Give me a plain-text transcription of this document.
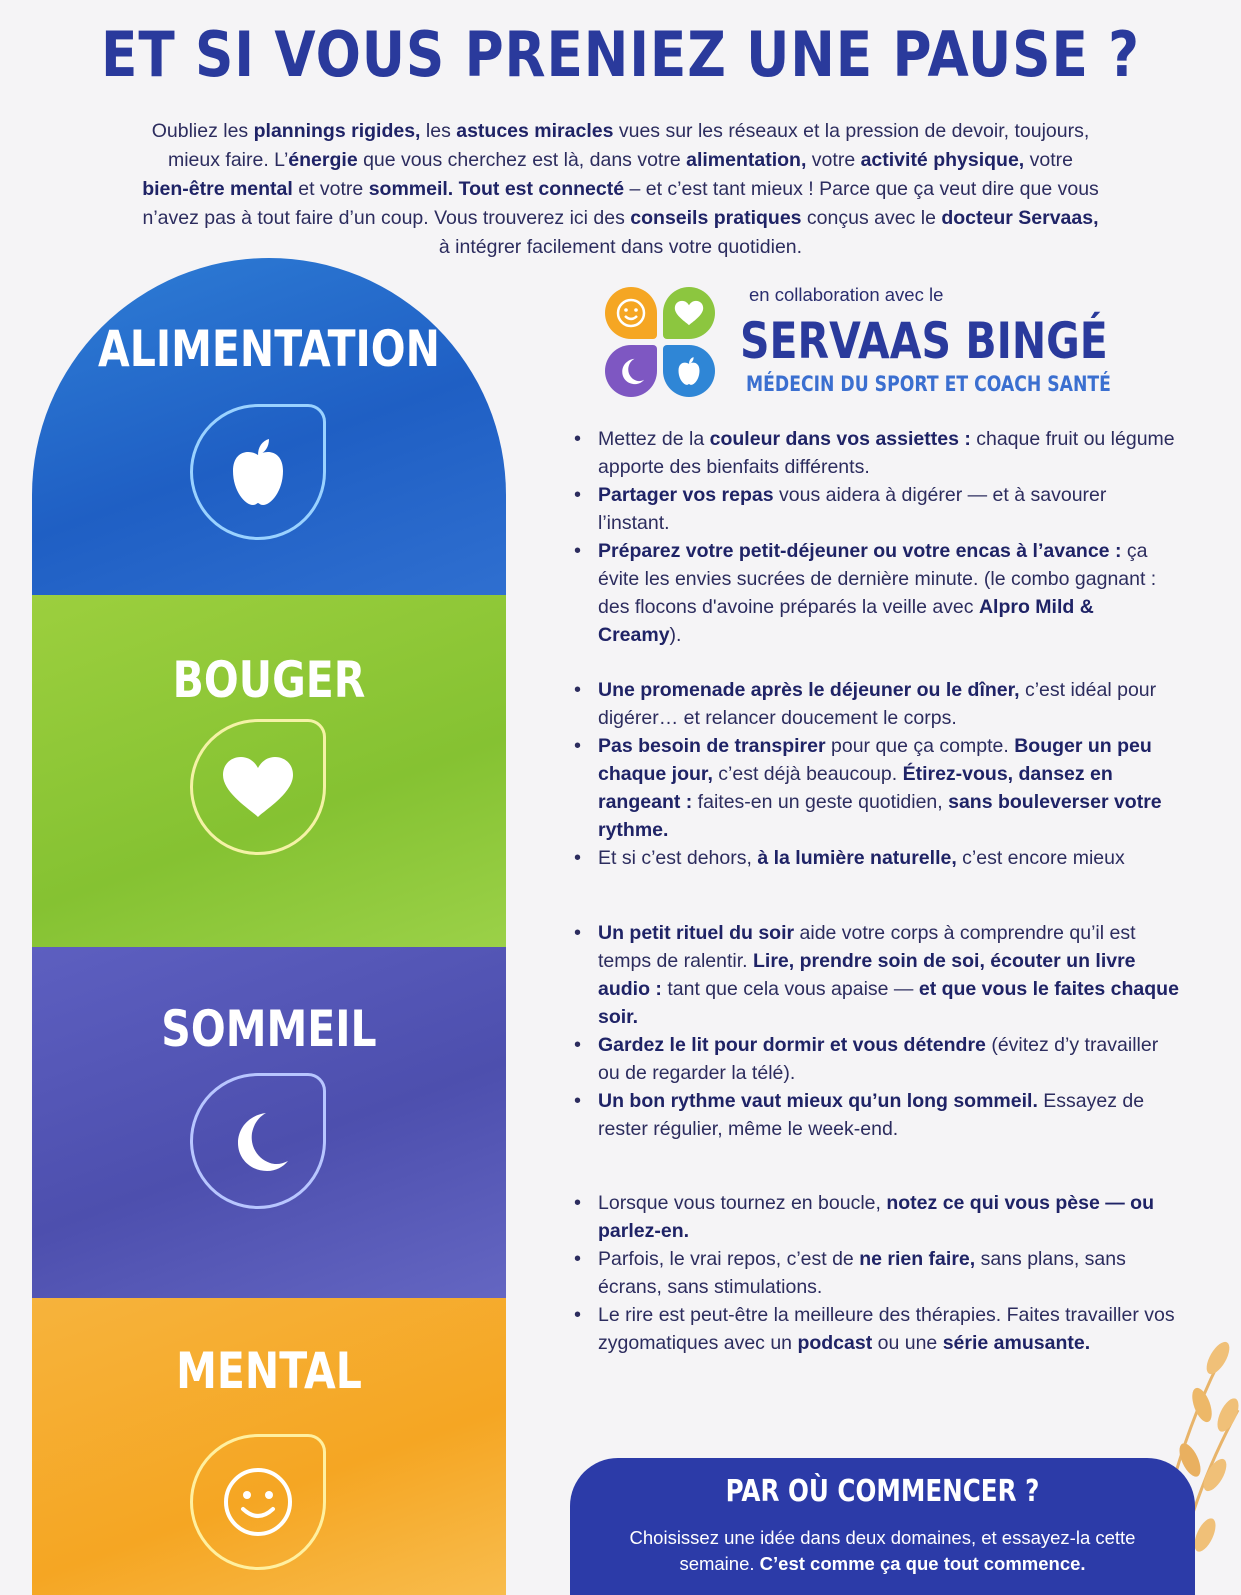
ET SI VOUS PRENIEZ UNE PAUSE ?

Oubliez les plannings rigides, les astuces miracles vues sur les réseaux et la pression de devoir, toujours,

mieux faire. L’énergie que vous cherchez est là, dans votre alimentation, votre activité physique, votre

bien-être mental et votre sommeil. Tout est connecté – et c’est tant mieux ! Parce que ça veut dire que vous

n’avez pas à tout faire d’un coup. Vous trouverez ici des conseils pratiques conçus avec le docteur Servaas,

à intégrer facilement dans votre quotidien.

ALIMENTATION
BOUGER
SOMMEIL
MENTAL
en collaboration avec le
SERVAAS BINGÉ
MÉDECIN DU SPORT ET COACH SANTÉ
• Mettez de la couleur dans vos assiettes : chaque fruit ou légume apporte des bienfaits différents.
• Partager vos repas vous aidera à digérer — et à savourer l’instant.
• Préparez votre petit-déjeuner ou votre encas à l’avance : ça évite les envies sucrées de dernière minute. (le combo gagnant : des flocons d'avoine préparés la veille avec Alpro Mild & Creamy).
• Une promenade après le déjeuner ou le dîner, c’est idéal pour digérer… et relancer doucement le corps.
• Pas besoin de transpirer pour que ça compte. Bouger un peu chaque jour, c’est déjà beaucoup. Étirez-vous, dansez en rangeant : faites-en un geste quotidien, sans bouleverser votre rythme.
• Et si c’est dehors, à la lumière naturelle, c’est encore mieux
• Un petit rituel du soir aide votre corps à comprendre qu’il est temps de ralentir. Lire, prendre soin de soi, écouter un livre audio : tant que cela vous apaise — et que vous le faites chaque soir.
• Gardez le lit pour dormir et vous détendre (évitez d’y travailler ou de regarder la télé).
• Un bon rythme vaut mieux qu’un long sommeil. Essayez de rester régulier, même le week-end.
• Lorsque vous tournez en boucle, notez ce qui vous pèse — ou parlez-en.
• Parfois, le vrai repos, c’est de ne rien faire, sans plans, sans écrans, sans stimulations.
• Le rire est peut-être la meilleure des thérapies. Faites travailler vos zygomatiques avec un podcast ou une série amusante.
PAR OÙ COMMENCER ?
Choisissez une idée dans deux domaines, et essayez-la cette semaine. C’est comme ça que tout commence.
